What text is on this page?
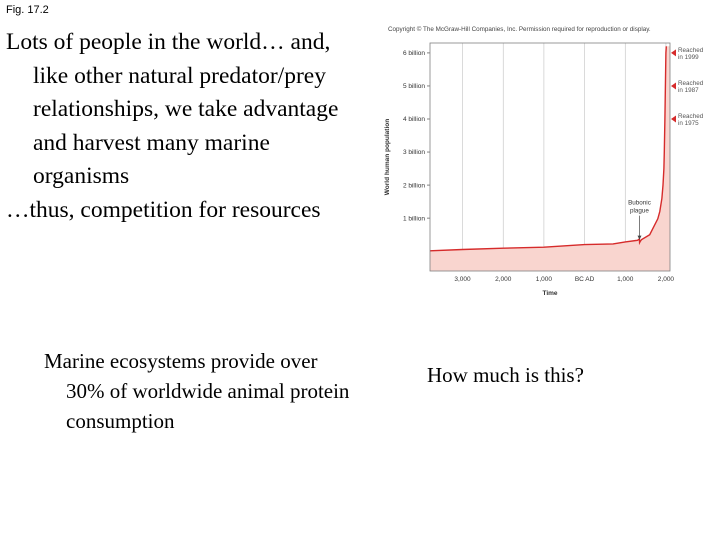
Fig. 17.2

Lots of people in the world… and, like other natural predator/prey relationships, we take advantage and harvest many marine organisms

…thus, competition for resources

Marine ecosystems provide over 30% of worldwide animal protein consumption

How much is this?
Copyright © The McGraw-Hill Companies, Inc. Permission required for reproduction or display.
1 billion
2 billion
3 billion
4 billion
5 billion
6 billion
3,000	2,000	1,000	BC AD	1,000	2,000
Time
World human population
Bubonic
plague
Reached
in 1975
Reached
in 1987
Reached
in 1999
